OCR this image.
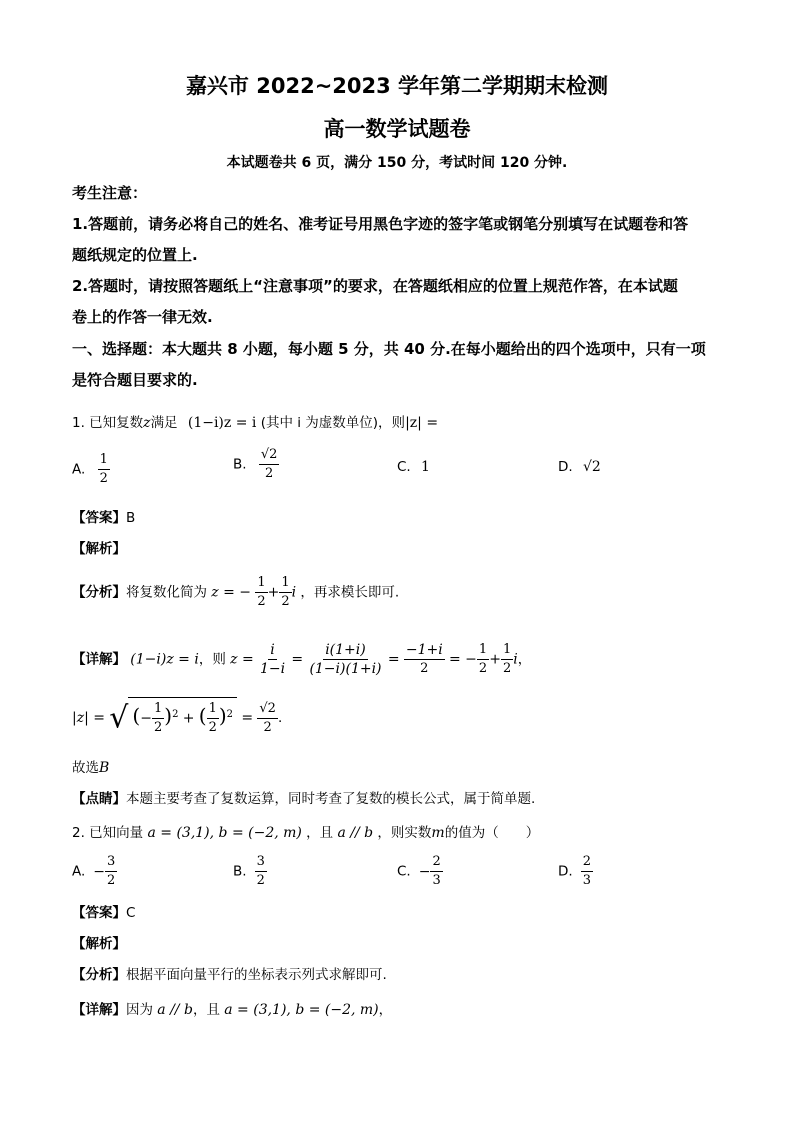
嘉兴市 2022~2023 学年第二学期期末检测
高一数学试题卷
本试题卷共 6 页，满分 150 分，考试时间 120 分钟.
考生注意：
1.答题前，请务必将自己的姓名、准考证号用黑色字迹的签字笔或钢笔分别填写在试题卷和答
题纸规定的位置上.
2.答题时，请按照答题纸上“注意事项”的要求，在答题纸相应的位置上规范作答，在本试题
卷上的作答一律无效.
一、选择题：本大题共 8 小题，每小题 5 分，共 40 分.在每小题给出的四个选项中，只有一项
是符合题目要求的.
1. 已知复数z满足 (1−i)z = i (其中 i 为虚数单位)，则|z| =
A. $\frac{1}{2}$	B. $\frac{√2}{2}$	C. 1	D. √2
【答案】B
【解析】
【分析】将复数化简为 z = − $\frac{1}{2} + \frac{1}{2}$ i ，再求模长即可.
【详解】 (1−i)z = i，则 $z = \frac{i}{1-i} = \frac{i(1+i)}{(1-i)(1+i)} = \frac{-1+i}{2}$ = − $\frac{1}{2} + \frac{1}{2}$ i，
|z| = √ (− $\frac{1}{2} )^2$ + ( $\frac{1}{2} )^2 = \frac{√2}{2}$ .
故选B
【点睛】本题主要考查了复数运算，同时考查了复数的模长公式，属于简单题.
2. 已知向量 a = (3,1), b = (−2, m) ，且 a // b ，则实数m的值为（　　）
A. − $\frac{3}{2}$	B. $\frac{3}{2}$	C. − $\frac{2}{3}$	D. $\frac{2}{3}$
【答案】C
【解析】
【分析】根据平面向量平行的坐标表示列式求解即可.
【详解】因为 a // b，且 a = (3,1), b = (−2, m)，
